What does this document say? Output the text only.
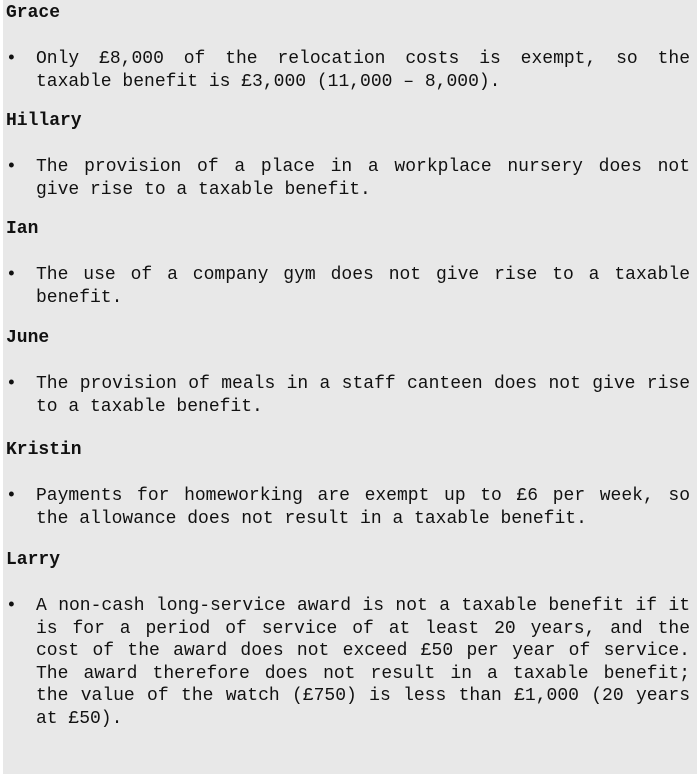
Grace

•	Only £8,000 of the relocation costs is exempt, so the taxable benefit is £3,000 (11,000 – 8,000).

Hillary

•	The provision of a place in a workplace nursery does not give rise to a taxable benefit.

Ian

•	The use of a company gym does not give rise to a taxable benefit.

June

•	The provision of meals in a staff canteen does not give rise to a taxable benefit.

Kristin

•	Payments for homeworking are exempt up to £6 per week, so the allowance does not result in a taxable benefit.

Larry

•	A non-cash long-service award is not a taxable benefit if it is for a period of service of at least 20 years, and the cost of the award does not exceed £50 per year of service. The award therefore does not result in a taxable benefit; the value of the watch (£750) is less than £1,000 (20 years at £50).
